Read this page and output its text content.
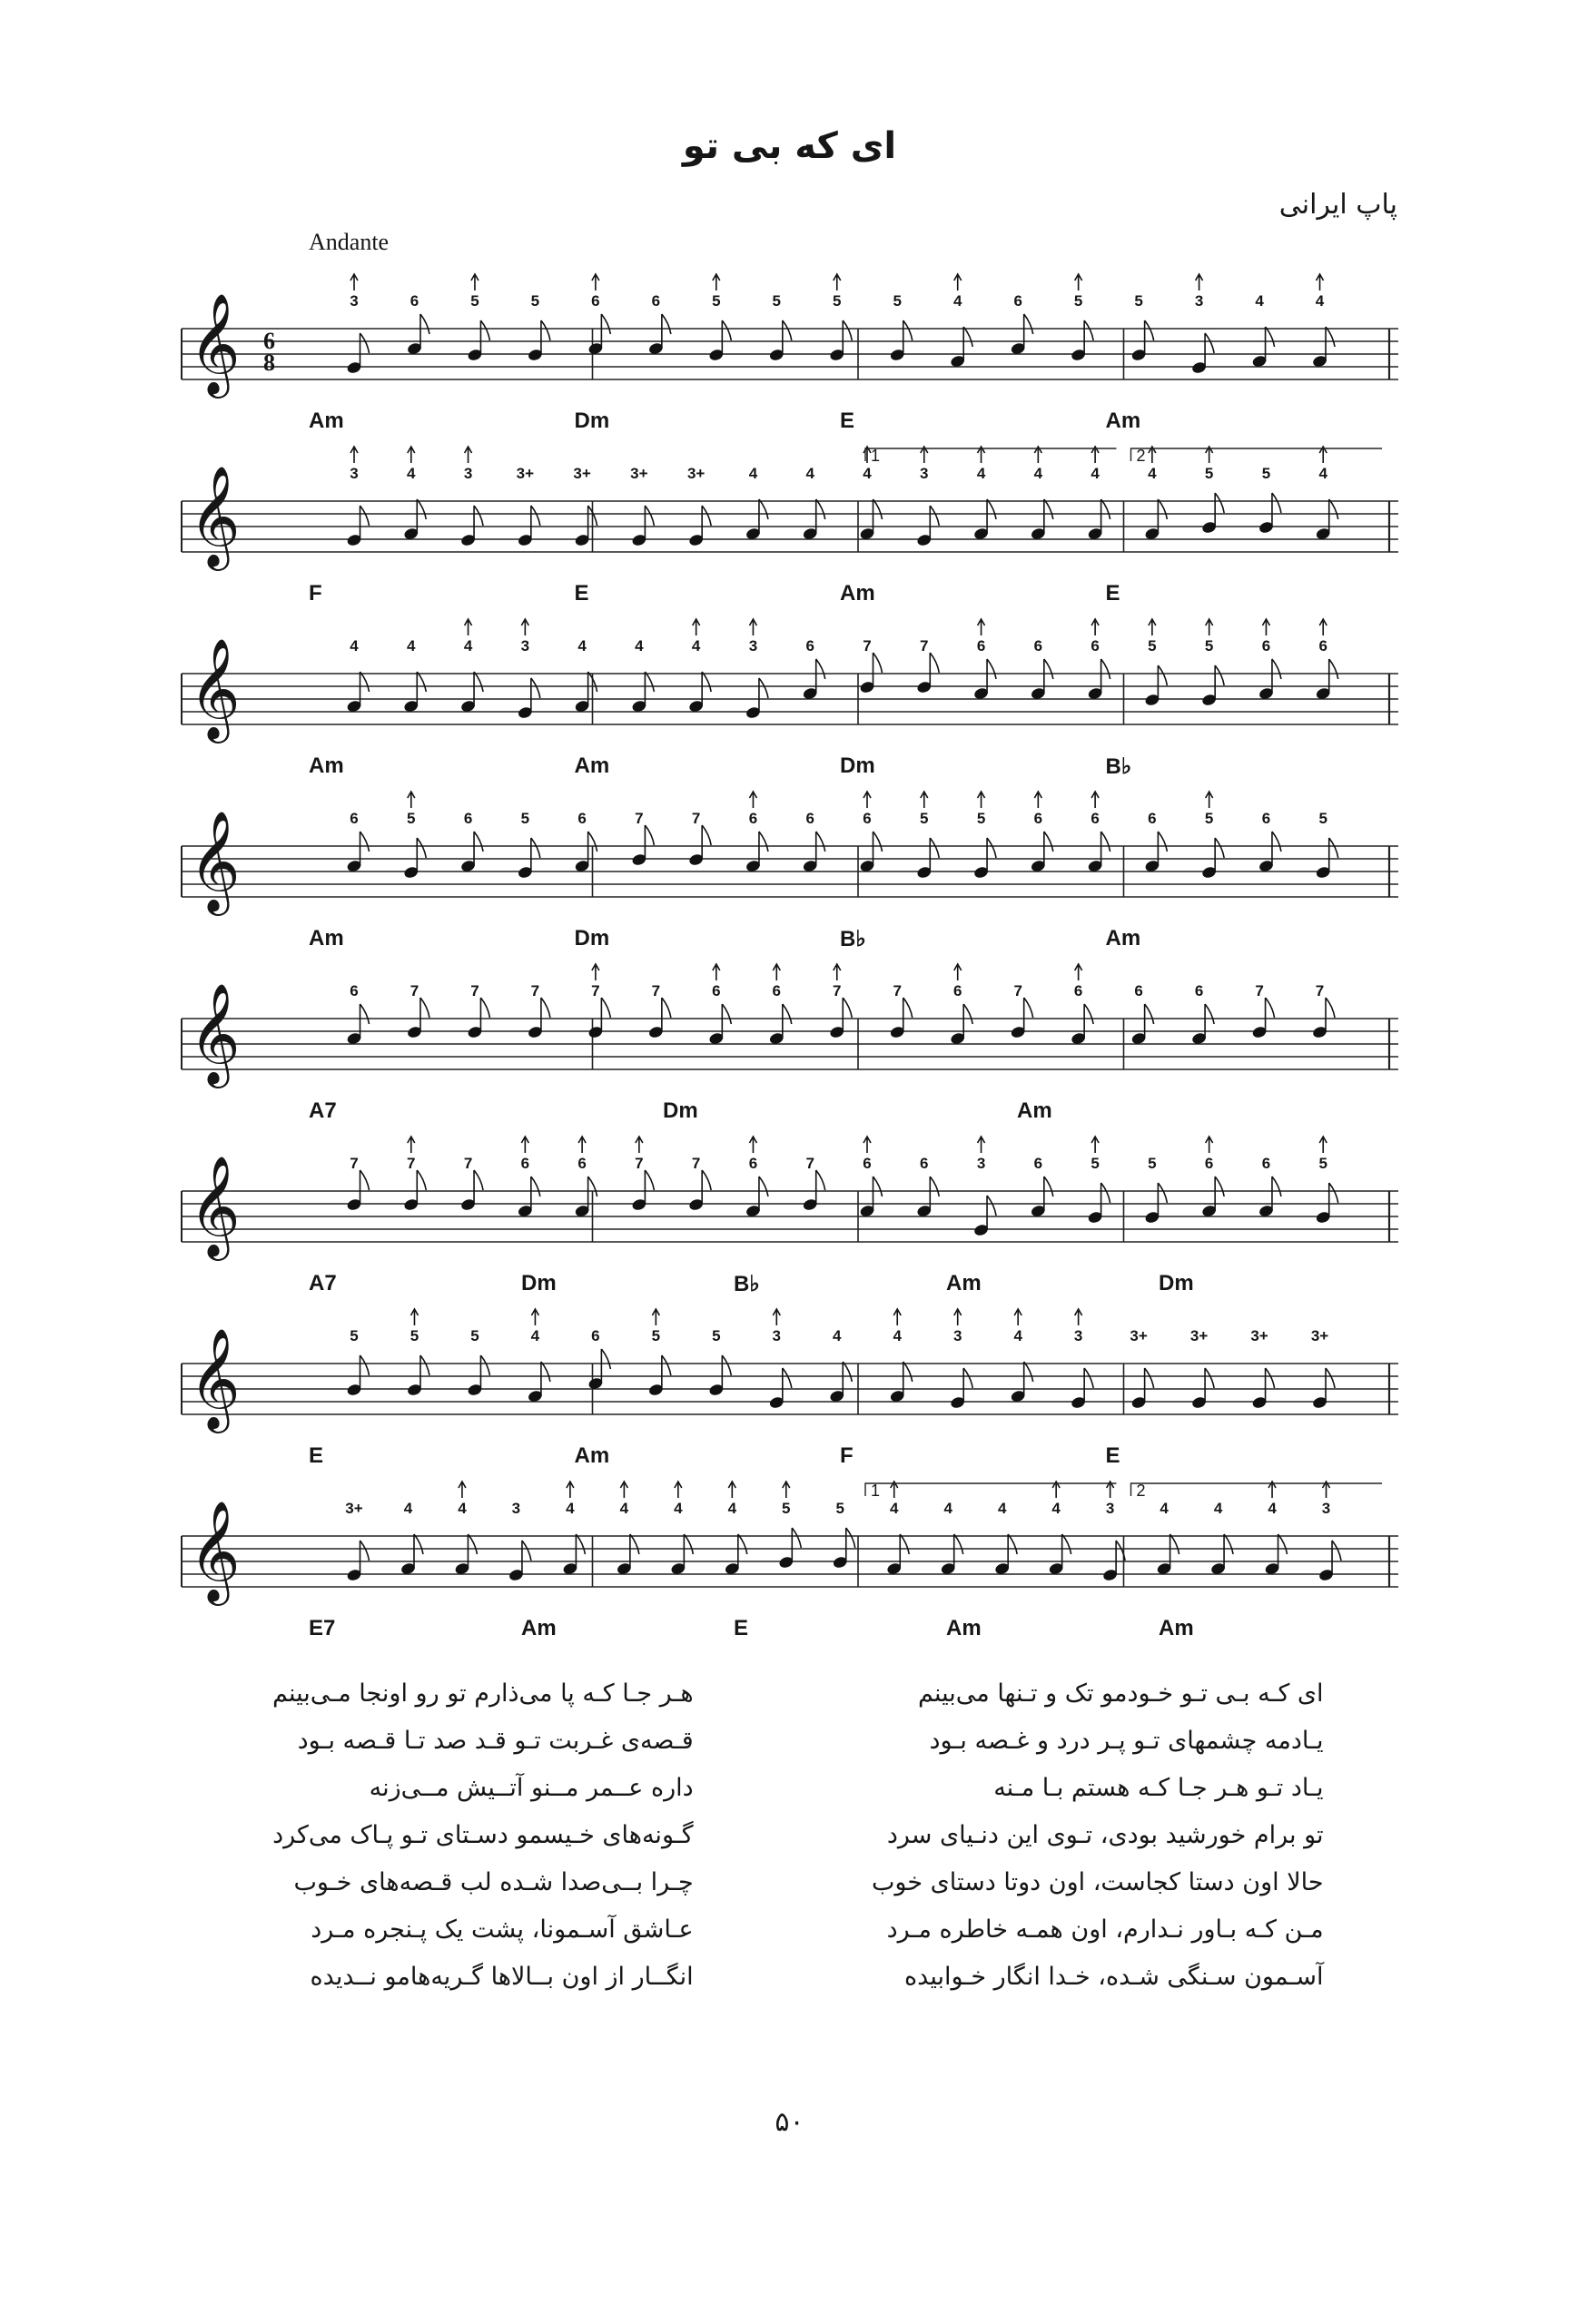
ای که بی تو
پاپ ایرانی
Andante
𝄞 6
8
3	6	5	5	6	6	5	5	5	5	4	6	5	5	3	4	4
Am	Dm	E	Am
𝄞	3	4	3	3+	3+	3+	3+	4	4	4	3	4	4	4	4	5	5	4
1	2
F	E	Am	E
𝄞	4	4	4	3	4	4	4	3	6	7	7	6	6	6	5	5	6	6
Am	Am	Dm	B♭
𝄞	6	5	6	5	6	7	7	6	6	6	5	5	6	6	6	5	6	5
Am	Dm	B♭	Am
𝄞	6	7	7	7	7	7	6	6	7	7	6	7	6	6	6	7	7
A7	Dm	Am
𝄞	7	7	7	6	6	7	7	6	7	6	6	3	6	5	5	6	6	5
A7	Dm	B♭	Am	Dm
𝄞	5	5	5	4	6	5	5	3	4	4	3	4	3	3+	3+	3+	3+
E	Am	F	E
𝄞	3+	4	4	3	4	4	4	4	5	5	4	4	4	4	3	4	4	4	3
1	2
E7	Am	E	Am	Am
هـر جـا کـه پا می‌ذارم تو رو اونجا مـی‌بینم
قـصه‌ی غـربت تـو قـد صد تـا قـصه بـود
داره عــمر مــنو آتــیش مــی‌زنه
گـونه‌های خـیسمو دسـتای تـو پـاک می‌کرد
چـرا بــی‌صدا شـده لب قـصه‌های خـوب
عـاشق آسـمونا، پشت یک پـنجره مـرد
انگــار از اون بــالاها گـریه‌هامو نــدیده
ای کـه بـی تـو خـودمو تک و تـنها می‌بینم
یـادمه چشمهای تـو پـر درد و غـصه بـود
یـاد تـو هـر جـا کـه هستم بـا مـنه
تو برام خورشید بودی، تـوی این دنـیای سرد
حالا اون دستا کجاست، اون دوتا دستای خوب
مـن کـه بـاور نـدارم، اون همـه خاطره مـرد
آسـمون سـنگی شـده، خـدا انگار خـوابیده
۵۰
